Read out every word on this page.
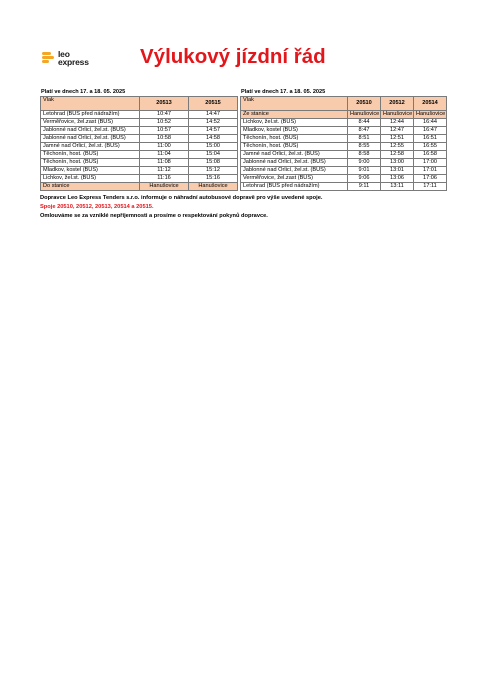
leo
express	Výlukový jízdní řád
Platí ve dnech 17. a 18. 05. 2025
Vlak	20513	20515
Letohrad (BUS před nádražím)	10:47	14:47
Verměřovice, žel.zast (BUS)	10:52	14:52
Jablonné nad Orlicí, žel.st. (BUS)	10:57	14:57
Jablonné nad Orlicí, žel.st. (BUS)	10:58	14:58
Jamné nad Orlicí, žel.st. (BUS)	11:00	15:00
Těchonín, host. (BUS)	11:04	15:04
Těchonín, host. (BUS)	11:08	15:08
Mladkov, kostel (BUS)	11:12	15:12
Lichkov, žel.st. (BUS)	11:16	15:16
Do stanice	Hanušovice	Hanušovice
Platí ve dnech 17. a 18. 05. 2025
Vlak	20510	20512	20514
Ze stanice	Hanušovice	Hanušovice	Hanušovice
Lichkov, žel.st. (BUS)	8:44	12:44	16:44
Mladkov, kostel (BUS)	8:47	12:47	16:47
Těchonín, host. (BUS)	8:51	12:51	16:51
Těchonín, host. (BUS)	8:55	12:55	16:55
Jamné nad Orlicí, žel.st. (BUS)	8:58	12:58	16:58
Jablonné nad Orlicí, žel.st. (BUS)	9:00	13:00	17:00
Jablonné nad Orlicí, žel.st. (BUS)	9:01	13:01	17:01
Verměřovice, žel.zast (BUS)	9:06	13:06	17:06
Letohrad (BUS před nádražím)	9:11	13:11	17:11
Dopravce Leo Express Tenders s.r.o. informuje o náhradní autobusové dopravě pro výše uvedené spoje.
Spoje 20510, 20512, 20513, 20514 a 20515.
Omlouváme se za vzniklé nepříjemnosti a prosíme o respektování pokynů dopravce.
